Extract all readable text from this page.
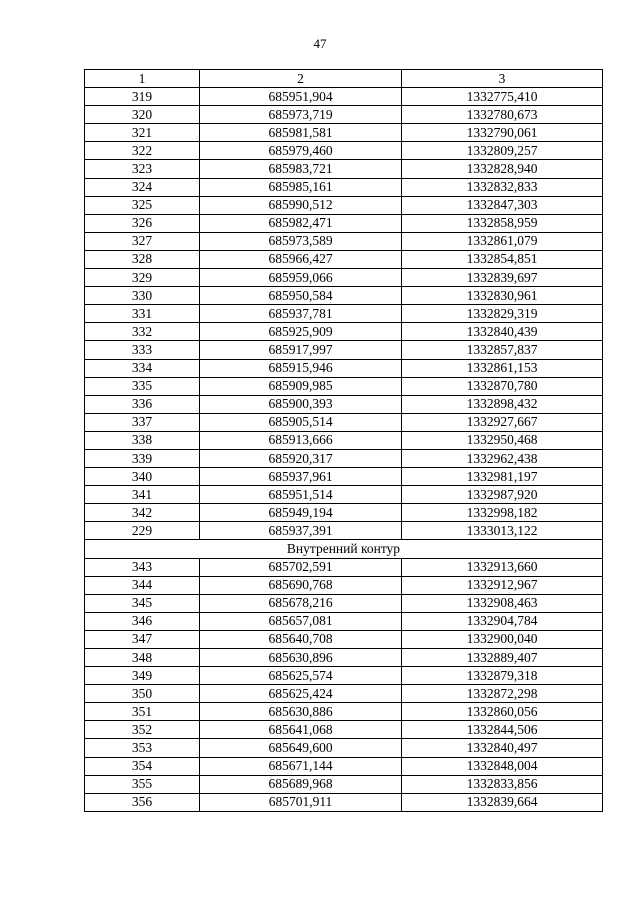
47
1	2	3
319	685951,904	1332775,410
320	685973,719	1332780,673
321	685981,581	1332790,061
322	685979,460	1332809,257
323	685983,721	1332828,940
324	685985,161	1332832,833
325	685990,512	1332847,303
326	685982,471	1332858,959
327	685973,589	1332861,079
328	685966,427	1332854,851
329	685959,066	1332839,697
330	685950,584	1332830,961
331	685937,781	1332829,319
332	685925,909	1332840,439
333	685917,997	1332857,837
334	685915,946	1332861,153
335	685909,985	1332870,780
336	685900,393	1332898,432
337	685905,514	1332927,667
338	685913,666	1332950,468
339	685920,317	1332962,438
340	685937,961	1332981,197
341	685951,514	1332987,920
342	685949,194	1332998,182
229	685937,391	1333013,122
Внутренний контур		
343	685702,591	1332913,660
344	685690,768	1332912,967
345	685678,216	1332908,463
346	685657,081	1332904,784
347	685640,708	1332900,040
348	685630,896	1332889,407
349	685625,574	1332879,318
350	685625,424	1332872,298
351	685630,886	1332860,056
352	685641,068	1332844,506
353	685649,600	1332840,497
354	685671,144	1332848,004
355	685689,968	1332833,856
356	685701,911	1332839,664
